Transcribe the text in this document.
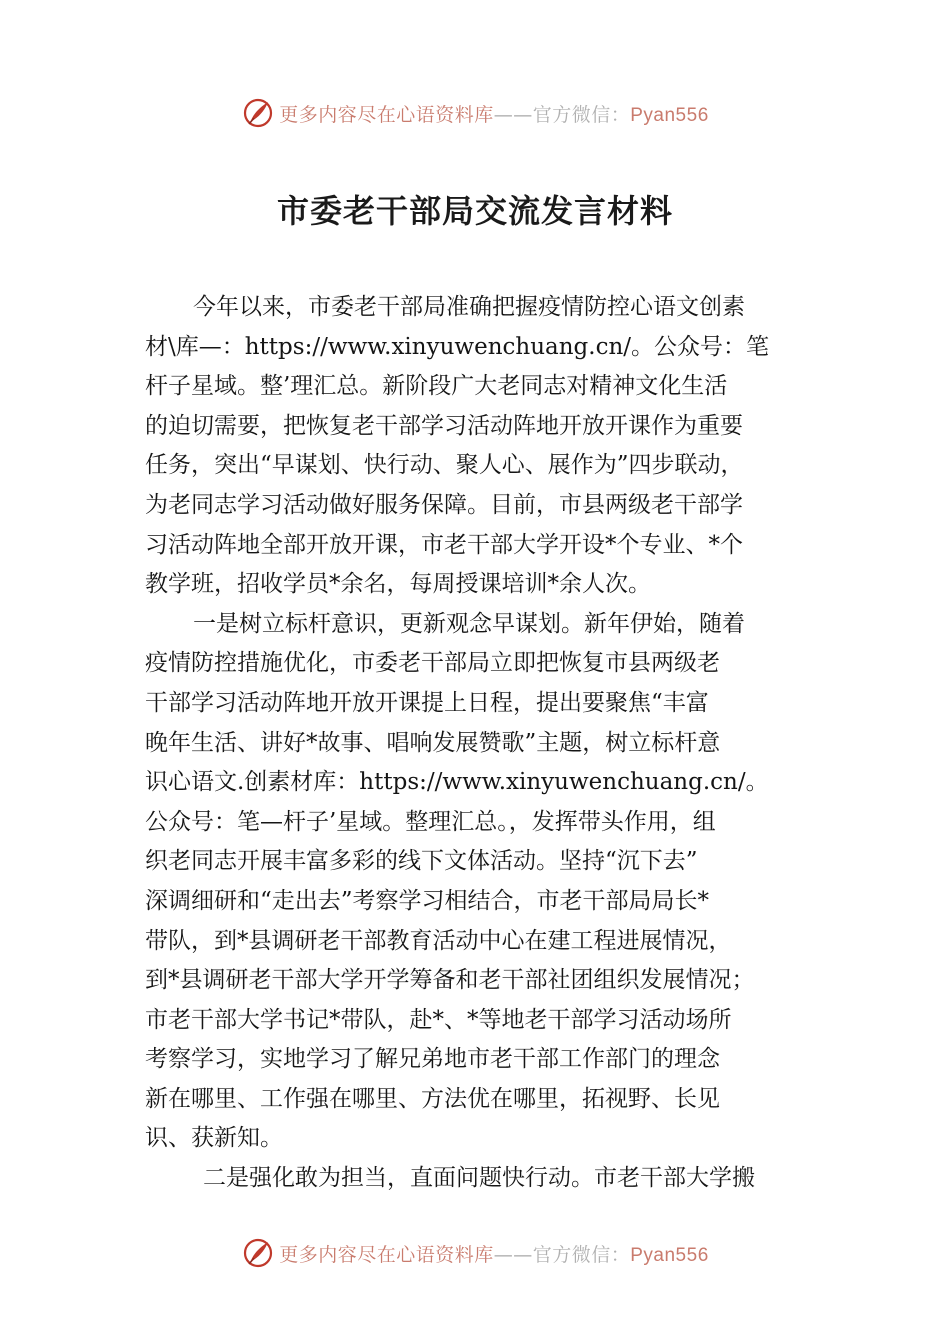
更多内容尽在心语资料库——官方微信：Pyan556
市委老干部局交流发言材料
今年以来，市委老干部局准确把握疫情防控心语文创素
材\库—：https://www.xinyuwenchuang.cn/。公众号：笔
杆子星域。整’理汇总。新阶段广大老同志对精神文化生活
的迫切需要，把恢复老干部学习活动阵地开放开课作为重要
任务，突出“早谋划、快行动、聚人心、展作为”四步联动，
为老同志学习活动做好服务保障。目前，市县两级老干部学
习活动阵地全部开放开课，市老干部大学开设*个专业、*个
教学班，招收学员*余名，每周授课培训*余人次。
一是树立标杆意识，更新观念早谋划。新年伊始，随着
疫情防控措施优化，市委老干部局立即把恢复市县两级老
干部学习活动阵地开放开课提上日程，提出要聚焦“丰富
晚年生活、讲好*故事、唱响发展赞歌”主题，树立标杆意
识心语文.创素材库：https://www.xinyuwenchuang.cn/。
公众号：笔—杆子’星域。整理汇总。，发挥带头作用，组
织老同志开展丰富多彩的线下文体活动。坚持“沉下去”
深调细研和“走出去”考察学习相结合，市老干部局局长*
带队，到*县调研老干部教育活动中心在建工程进展情况，
到*县调研老干部大学开学筹备和老干部社团组织发展情况；
市老干部大学书记*带队，赴*、*等地老干部学习活动场所
考察学习，实地学习了解兄弟地市老干部工作部门的理念
新在哪里、工作强在哪里、方法优在哪里，拓视野、长见
识、获新知。
二是强化敢为担当，直面问题快行动。市老干部大学搬
更多内容尽在心语资料库——官方微信：Pyan556
